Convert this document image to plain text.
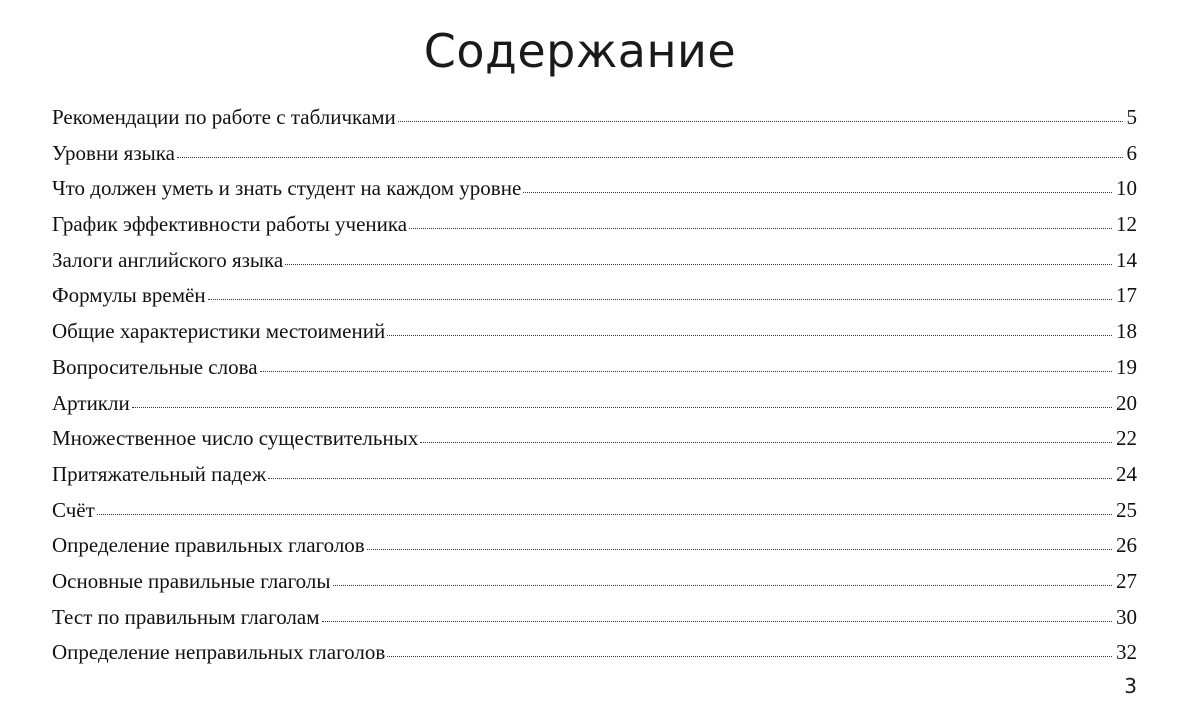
Содержание
Рекомендации по работе с табличками	5
Уровни языка	6
Что должен уметь и знать студент на каждом уровне	10
График эффективности работы ученика	12
Залоги английского языка	14
Формулы времён	17
Общие характеристики местоимений	18
Вопросительные слова	19
Артикли	20
Множественное число существительных	22
Притяжательный падеж	24
Счёт	25
Определение правильных глаголов	26
Основные правильные глаголы	27
Тест по правильным глаголам	30
Определение неправильных глаголов	32
3
